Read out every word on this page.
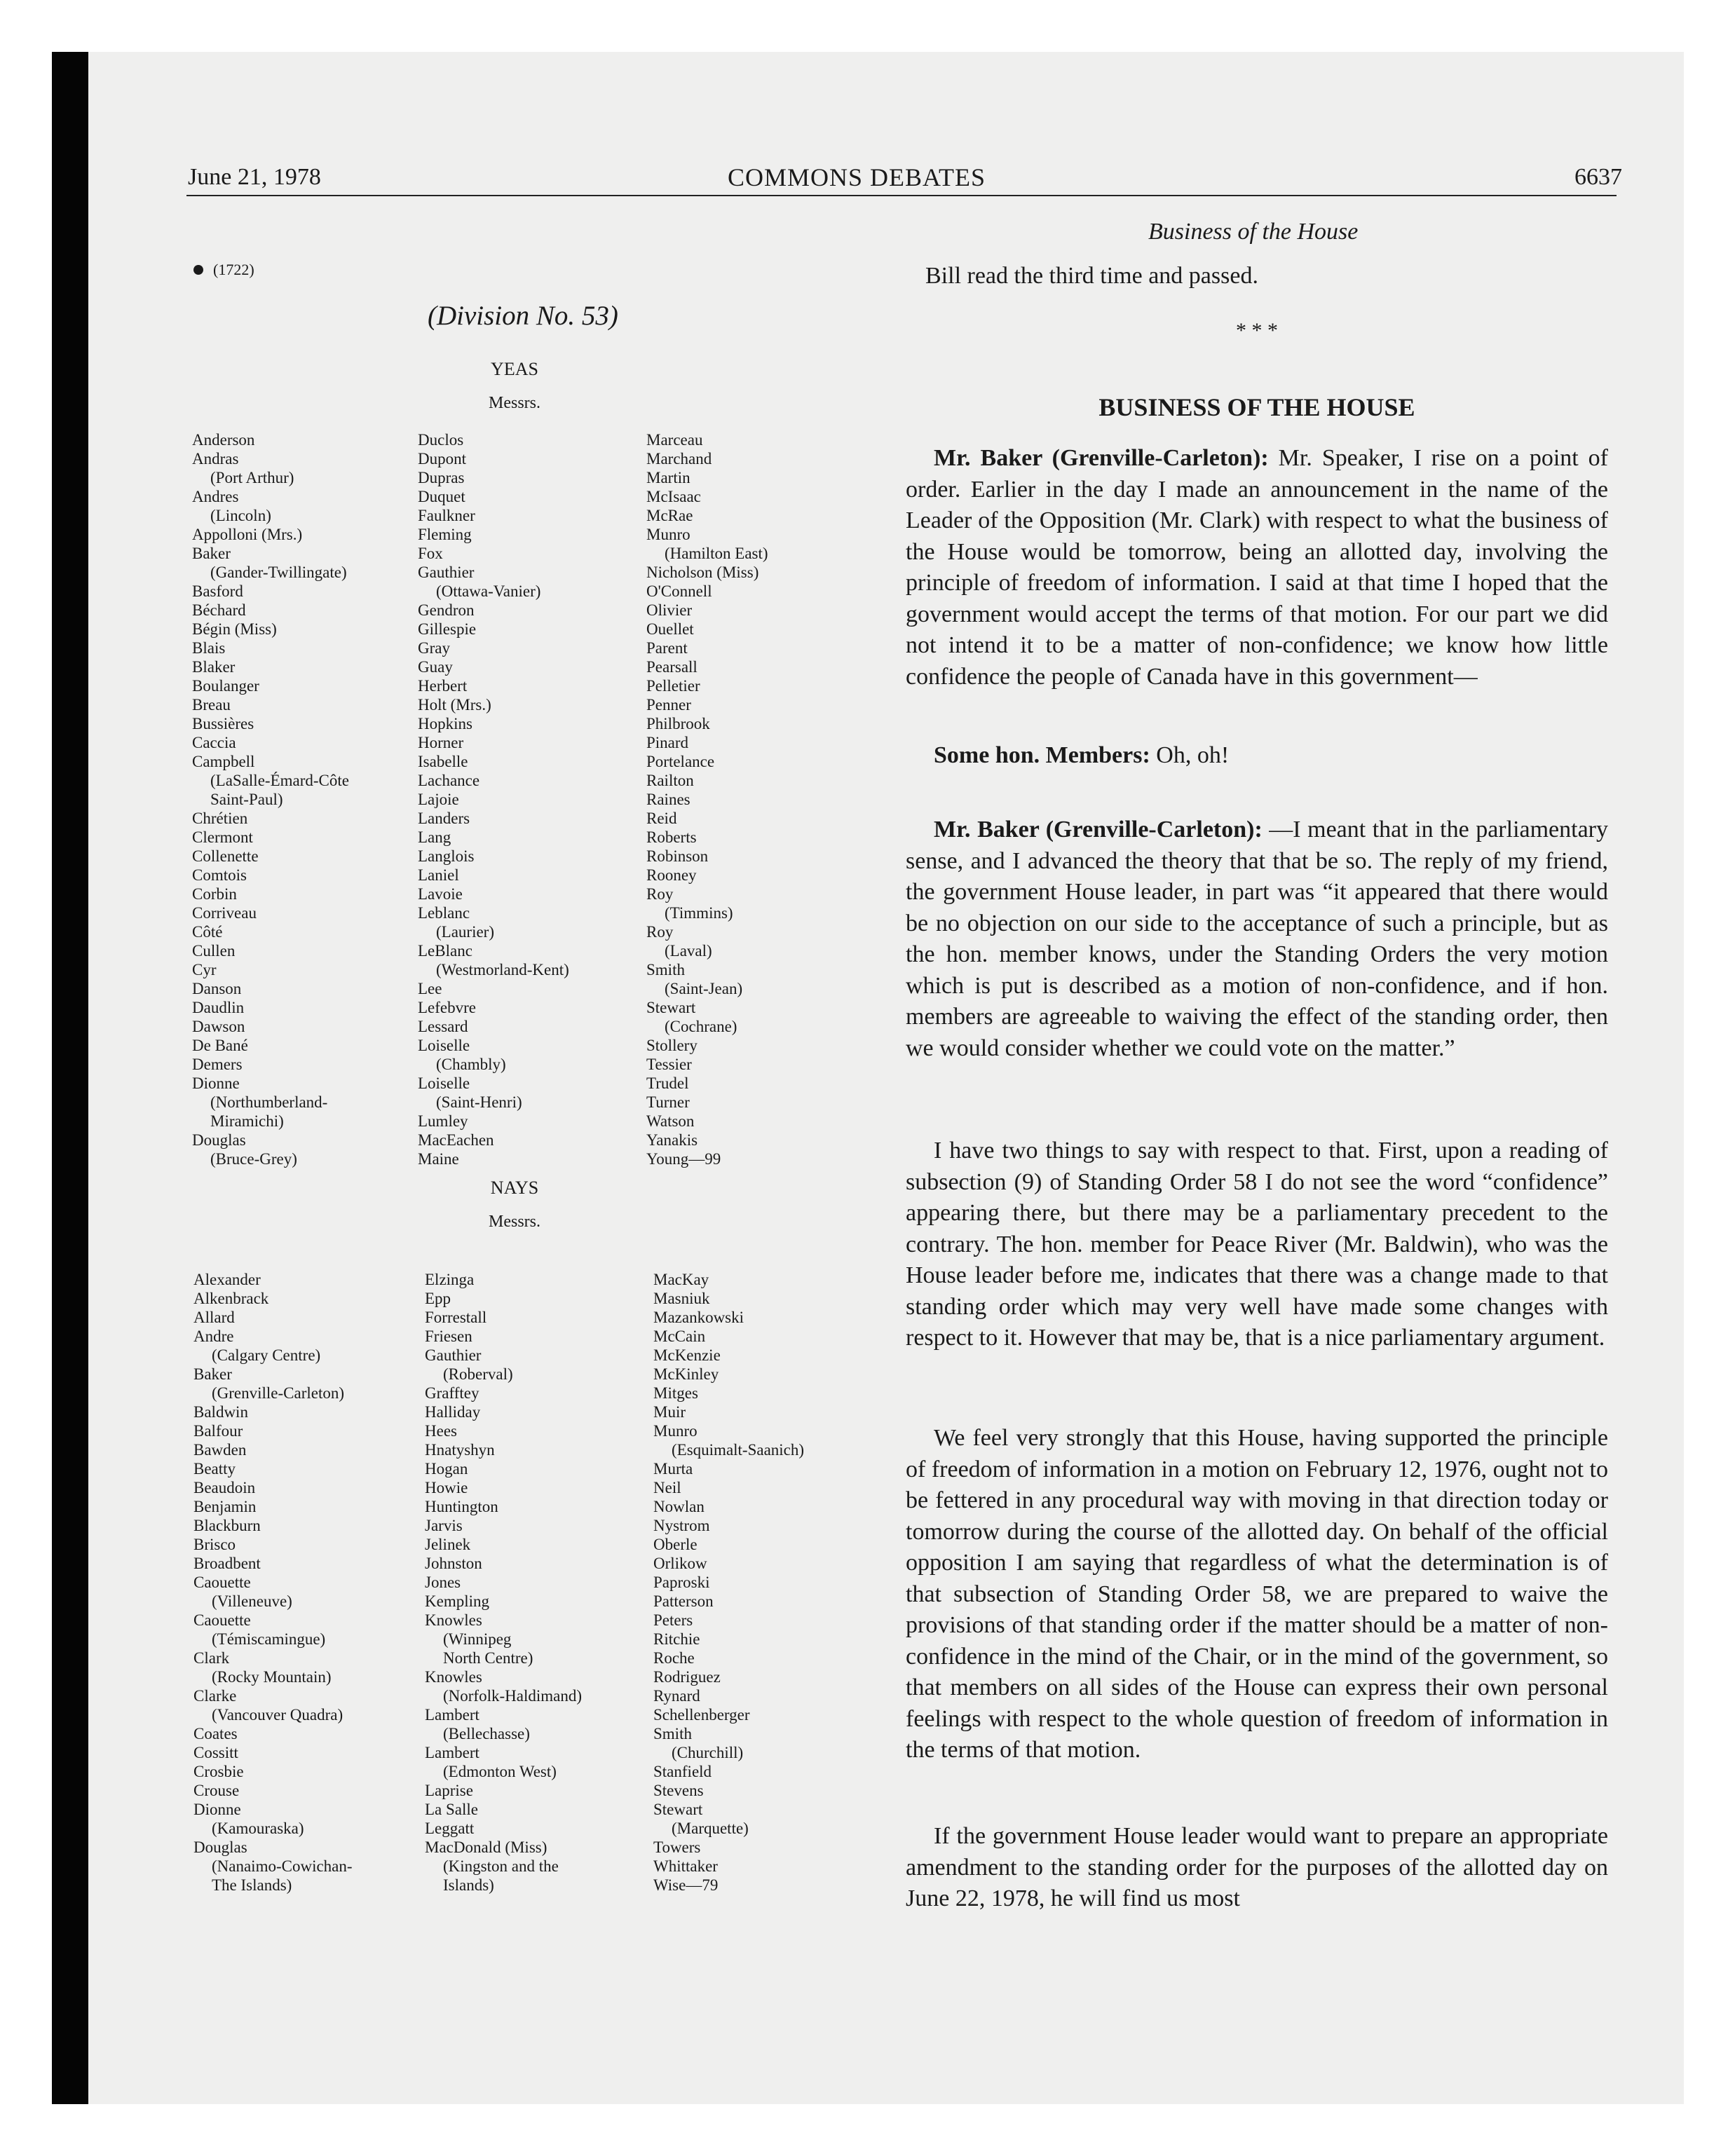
June 21, 1978	COMMONS DEBATES	6637
Business of the House
(1722)
(Division No. 53)
YEAS
Messrs.
Anderson
Andras
(Port Arthur)
Andres
(Lincoln)
Appolloni (Mrs.)
Baker
(Gander-Twillingate)
Basford
Béchard
Bégin (Miss)
Blais
Blaker
Boulanger
Breau
Bussières
Caccia
Campbell
(LaSalle-Émard-Côte
Saint-Paul)
Chrétien
Clermont
Collenette
Comtois
Corbin
Corriveau
Côté
Cullen
Cyr
Danson
Daudlin
Dawson
De Bané
Demers
Dionne
(Northumberland-
Miramichi)
Douglas
(Bruce-Grey)
Duclos
Dupont
Dupras
Duquet
Faulkner
Fleming
Fox
Gauthier
(Ottawa-Vanier)
Gendron
Gillespie
Gray
Guay
Herbert
Holt (Mrs.)
Hopkins
Horner
Isabelle
Lachance
Lajoie
Landers
Lang
Langlois
Laniel
Lavoie
Leblanc
(Laurier)
LeBlanc
(Westmorland-Kent)
Lee
Lefebvre
Lessard
Loiselle
(Chambly)
Loiselle
(Saint-Henri)
Lumley
MacEachen
Maine
Marceau
Marchand
Martin
McIsaac
McRae
Munro
(Hamilton East)
Nicholson (Miss)
O'Connell
Olivier
Ouellet
Parent
Pearsall
Pelletier
Penner
Philbrook
Pinard
Portelance
Railton
Raines
Reid
Roberts
Robinson
Rooney
Roy
(Timmins)
Roy
(Laval)
Smith
(Saint-Jean)
Stewart
(Cochrane)
Stollery
Tessier
Trudel
Turner
Watson
Yanakis
Young—99
NAYS
Messrs.
Alexander
Alkenbrack
Allard
Andre
(Calgary Centre)
Baker
(Grenville-Carleton)
Baldwin
Balfour
Bawden
Beatty
Beaudoin
Benjamin
Blackburn
Brisco
Broadbent
Caouette
(Villeneuve)
Caouette
(Témiscamingue)
Clark
(Rocky Mountain)
Clarke
(Vancouver Quadra)
Coates
Cossitt
Crosbie
Crouse
Dionne
(Kamouraska)
Douglas
(Nanaimo-Cowichan-
The Islands)
Elzinga
Epp
Forrestall
Friesen
Gauthier
(Roberval)
Grafftey
Halliday
Hees
Hnatyshyn
Hogan
Howie
Huntington
Jarvis
Jelinek
Johnston
Jones
Kempling
Knowles
(Winnipeg
North Centre)
Knowles
(Norfolk-Haldimand)
Lambert
(Bellechasse)
Lambert
(Edmonton West)
Laprise
La Salle
Leggatt
MacDonald (Miss)
(Kingston and the
Islands)
MacKay
Masniuk
Mazankowski
McCain
McKenzie
McKinley
Mitges
Muir
Munro
(Esquimalt-Saanich)
Murta
Neil
Nowlan
Nystrom
Oberle
Orlikow
Paproski
Patterson
Peters
Ritchie
Roche
Rodriguez
Rynard
Schellenberger
Smith
(Churchill)
Stanfield
Stevens
Stewart
(Marquette)
Towers
Whittaker
Wise—79
Bill read the third time and passed.
* * *
BUSINESS OF THE HOUSE
Mr. Baker (Grenville-Carleton): Mr. Speaker, I rise on a point of order. Earlier in the day I made an announcement in the name of the Leader of the Opposition (Mr. Clark) with respect to what the business of the House would be tomorrow, being an allotted day, involving the principle of freedom of information. I said at that time I hoped that the government would accept the terms of that motion. For our part we did not intend it to be a matter of non-confidence; we know how little confidence the people of Canada have in this government—
Some hon. Members: Oh, oh!
Mr. Baker (Grenville-Carleton): —I meant that in the parliamentary sense, and I advanced the theory that that be so. The reply of my friend, the government House leader, in part was “it appeared that there would be no objection on our side to the acceptance of such a principle, but as the hon. member knows, under the Standing Orders the very motion which is put is described as a motion of non-confidence, and if hon. members are agreeable to waiving the effect of the standing order, then we would consider whether we could vote on the matter.”
I have two things to say with respect to that. First, upon a reading of subsection (9) of Standing Order 58 I do not see the word “confidence” appearing there, but there may be a parliamentary precedent to the contrary. The hon. member for Peace River (Mr. Baldwin), who was the House leader before me, indicates that there was a change made to that standing order which may very well have made some changes with respect to it. However that may be, that is a nice parliamentary argument.
We feel very strongly that this House, having supported the principle of freedom of information in a motion on February 12, 1976, ought not to be fettered in any procedural way with moving in that direction today or tomorrow during the course of the allotted day. On behalf of the official opposition I am saying that regardless of what the determination is of that subsection of Standing Order 58, we are prepared to waive the provisions of that standing order if the matter should be a matter of non-confidence in the mind of the Chair, or in the mind of the government, so that members on all sides of the House can express their own personal feelings with respect to the whole question of freedom of information in the terms of that motion.
If the government House leader would want to prepare an appropriate amendment to the standing order for the purposes of the allotted day on June 22, 1978, he will find us most
